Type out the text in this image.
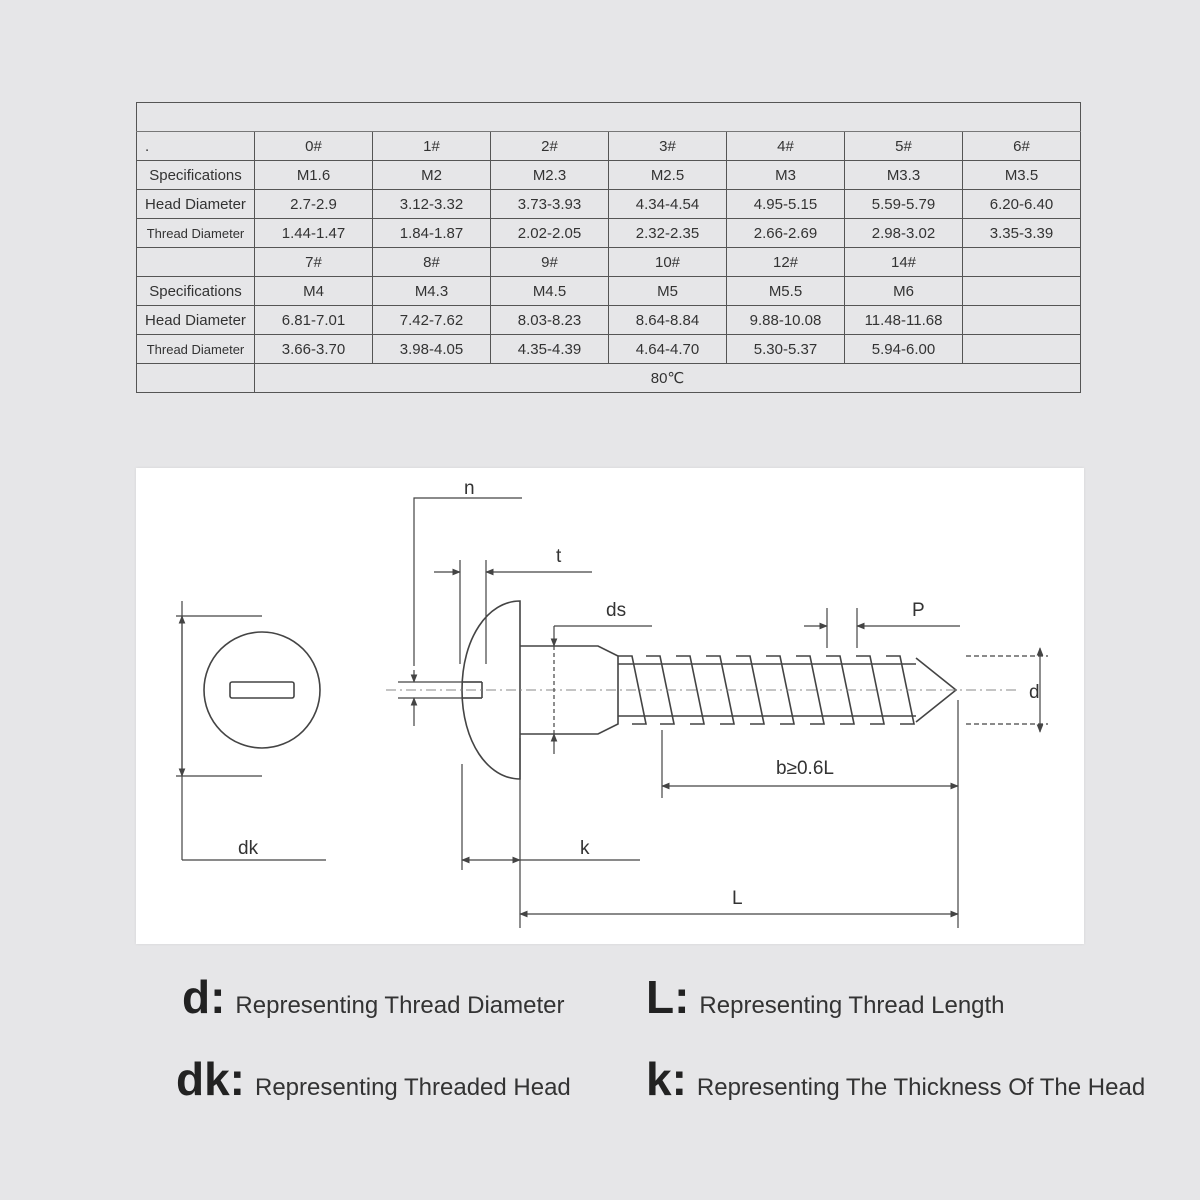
.	0#	1#	2#	3#	4#	5#	6#
Specifications	M1.6	M2	M2.3	M2.5	M3	M3.3	M3.5
Head Diameter	2.7-2.9	3.12-3.32	3.73-3.93	4.34-4.54	4.95-5.15	5.59-5.79	6.20-6.40
Thread Diameter	1.44-1.47	1.84-1.87	2.02-2.05	2.32-2.35	2.66-2.69	2.98-3.02	3.35-3.39
	7#	8#	9#	10#	12#	14#	
Specifications	M4	M4.3	M4.5	M5	M5.5	M6	
Head Diameter	6.81-7.01	7.42-7.62	8.03-8.23	8.64-8.84	9.88-10.08	11.48-11.68	
Thread Diameter	3.66-3.70	3.98-4.05	4.35-4.39	4.64-4.70	5.30-5.37	5.94-6.00	
	80℃						
n
t
ds	P
d
b≥0.6L
dk	k
L
d: Representing Thread Diameter L: Representing Thread Length
dk: Representing Threaded Head k: Representing The Thickness Of The Head
